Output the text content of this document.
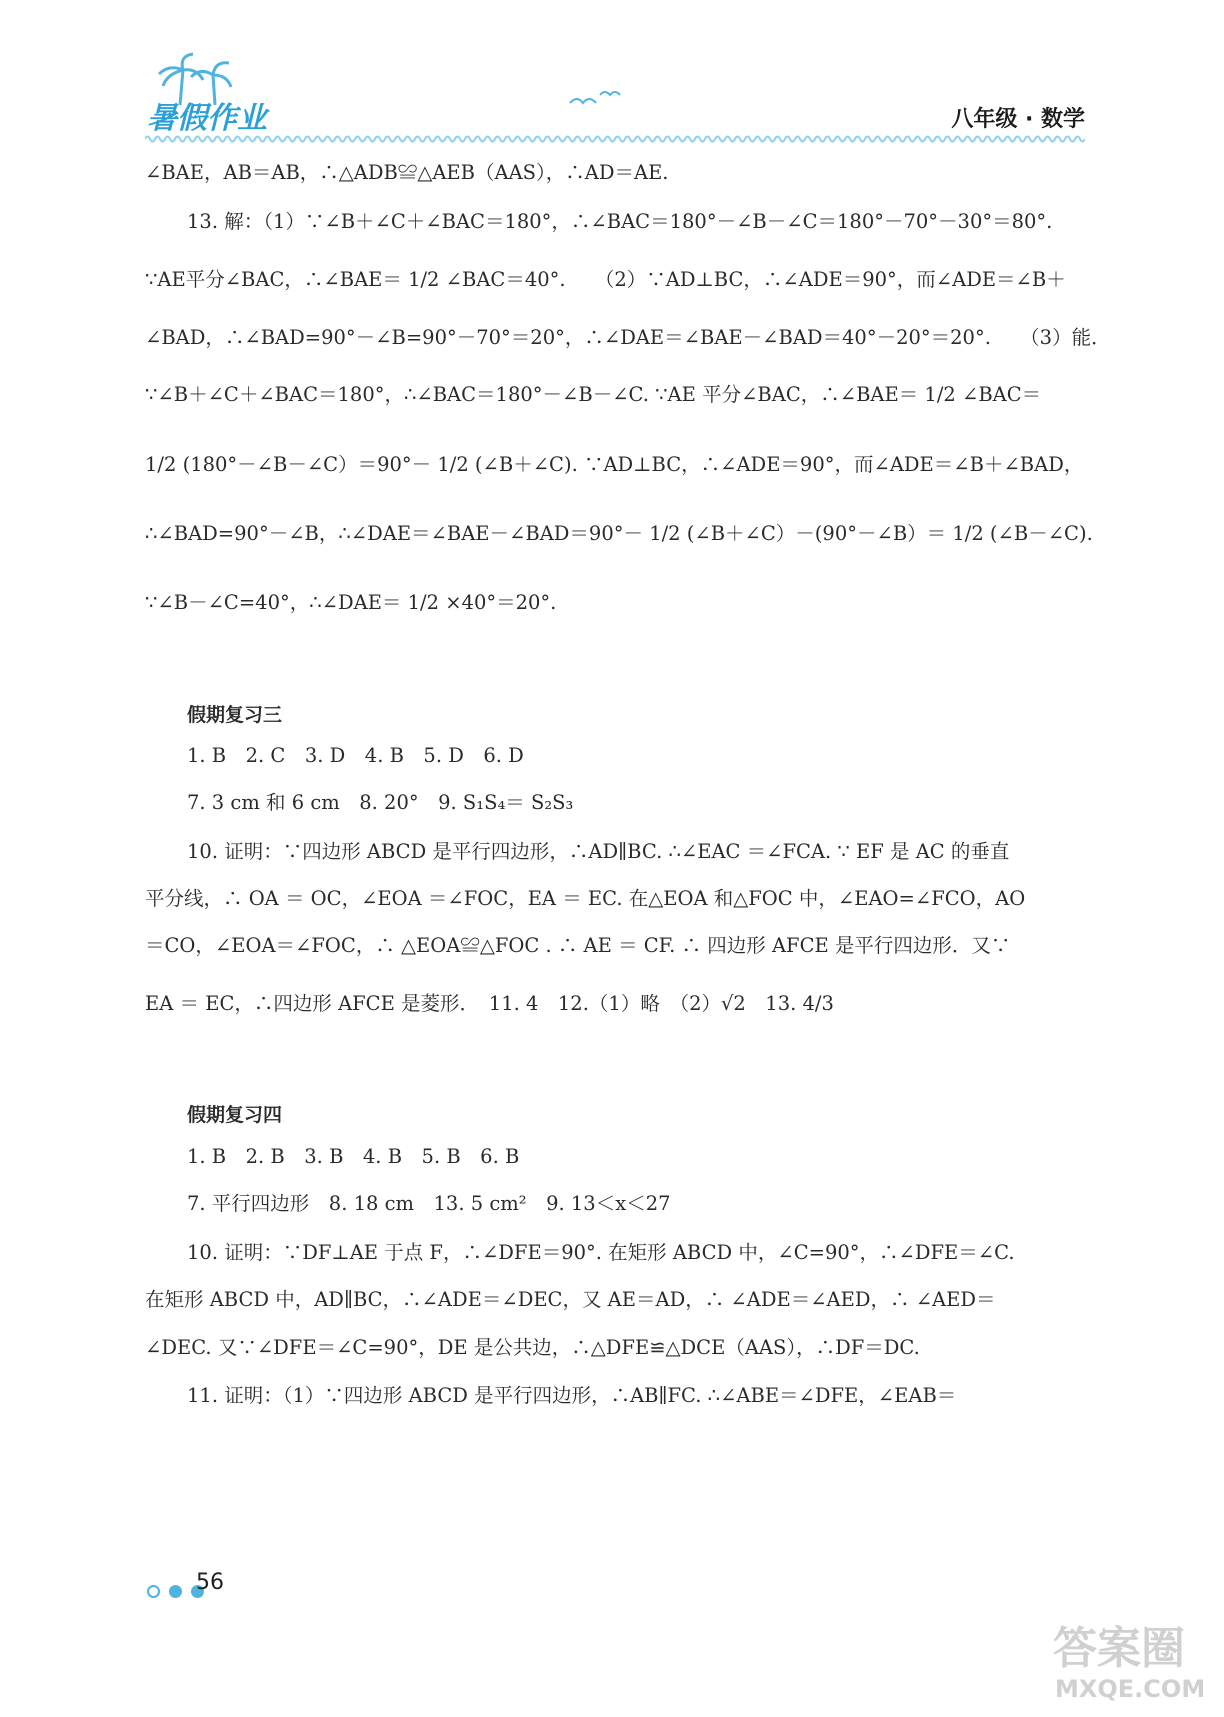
暑假作业	八年级 · 数学
∠BAE，AB＝AB，∴△ADB≌△AEB（AAS），∴AD＝AE.
13. 解：（1）∵∠B＋∠C＋∠BAC＝180°，∴∠BAC＝180°－∠B－∠C＝180°－70°－30°＝80°.
∵AE平分∠BAC，∴∠BAE＝ 1/2 ∠BAC＝40°.　　（2）∵AD⊥BC，∴∠ADE＝90°，而∠ADE＝∠B＋
∠BAD，∴∠BAD=90°－∠B=90°－70°＝20°，∴∠DAE＝∠BAE－∠BAD＝40°－20°＝20°.　　（3）能．
∵∠B＋∠C＋∠BAC＝180°，∴∠BAC＝180°－∠B－∠C. ∵AE 平分∠BAC，∴∠BAE＝ 1/2 ∠BAC＝
1/2 (180°－∠B－∠C）＝90°－ 1/2 (∠B＋∠C). ∵AD⊥BC，∴∠ADE＝90°，而∠ADE＝∠B＋∠BAD，
∴∠BAD=90°－∠B，∴∠DAE＝∠BAE－∠BAD＝90°－ 1/2 (∠B＋∠C）－(90°－∠B）＝ 1/2 (∠B－∠C).
∵∠B－∠C=40°，∴∠DAE＝ 1/2 ×40°＝20°.
假期复习三
1. B　2. C　3. D　4. B　5. D　6. D
7. 3 cm 和 6 cm　8. 20°　9. S₁S₄＝ S₂S₃
10. 证明：∵四边形 ABCD 是平行四边形，∴AD∥BC. ∴∠EAC ＝∠FCA. ∵ EF 是 AC 的垂直
平分线，∴ OA ＝ OC，∠EOA ＝∠FOC，EA ＝ EC. 在△EOA 和△FOC 中，∠EAO=∠FCO，AO
＝CO，∠EOA＝∠FOC，∴ △EOA≌△FOC . ∴ AE ＝ CF. ∴ 四边形 AFCE 是平行四边形．又∵
EA ＝ EC，∴四边形 AFCE 是菱形．　11. 4　12.（1）略　（2）√2　13. 4/3
假期复习四
1. B　2. B　3. B　4. B　5. B　6. B
7. 平行四边形　8. 18 cm　13. 5 cm²　9. 13＜x＜27
10. 证明：∵DF⊥AE 于点 F，∴∠DFE＝90°. 在矩形 ABCD 中，∠C=90°，∴∠DFE＝∠C.
在矩形 ABCD 中，AD∥BC，∴∠ADE＝∠DEC，又 AE＝AD，∴ ∠ADE＝∠AED，∴ ∠AED＝
∠DEC. 又∵∠DFE＝∠C=90°，DE 是公共边，∴△DFE≌△DCE（AAS），∴DF＝DC.
11. 证明：（1）∵四边形 ABCD 是平行四边形，∴AB∥FC. ∴∠ABE＝∠DFE，∠EAB＝

56
答案圈
MXQE.COM
